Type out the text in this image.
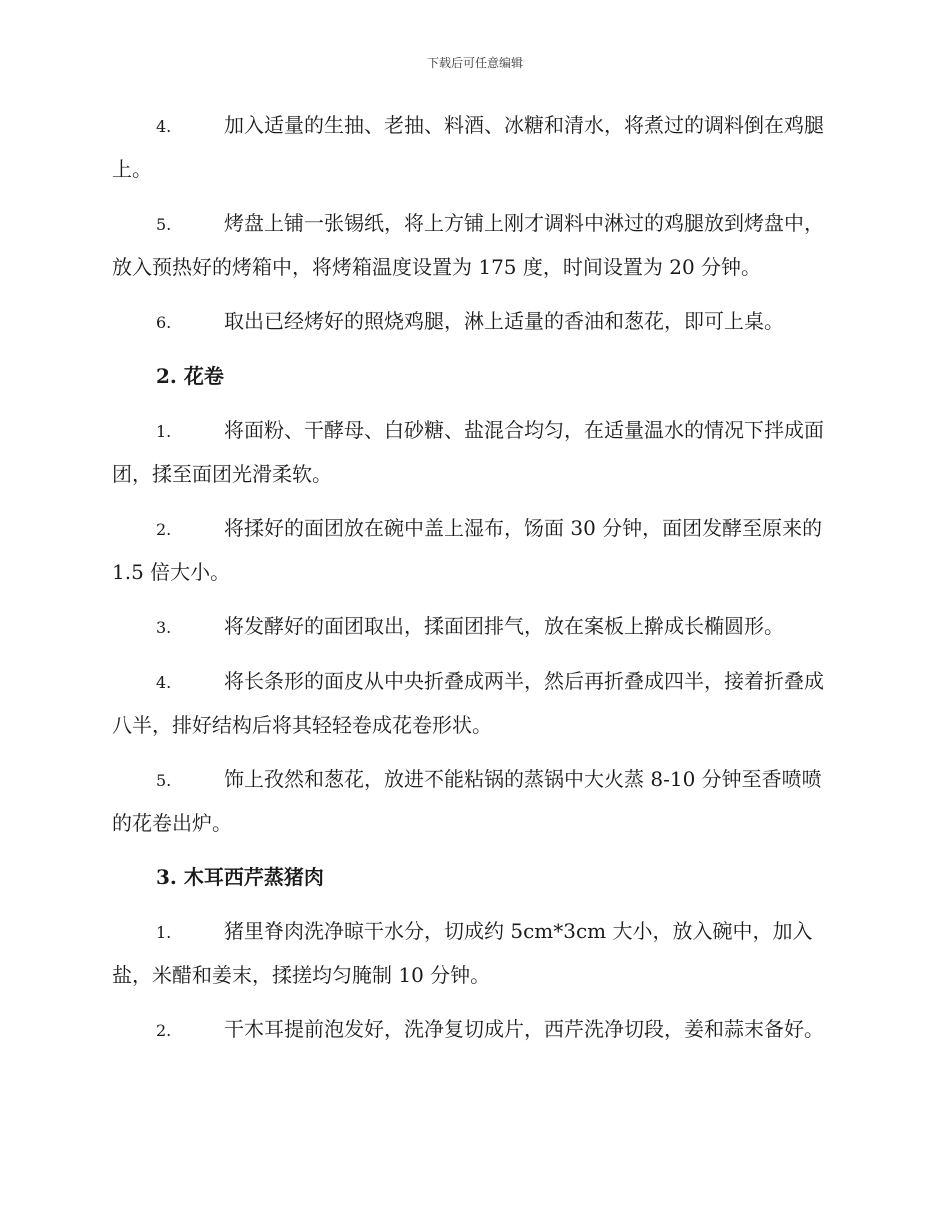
下载后可任意编辑

4.	加入适量的生抽、老抽、料酒、冰糖和清水，将煮过的调料倒在鸡腿上。

5.	烤盘上铺一张锡纸，将上方铺上刚才调料中淋过的鸡腿放到烤盘中，放入预热好的烤箱中，将烤箱温度设置为 175 度，时间设置为 20 分钟。

6.	取出已经烤好的照烧鸡腿，淋上适量的香油和葱花，即可上桌。

2. 花卷

1.	将面粉、干酵母、白砂糖、盐混合均匀，在适量温水的情况下拌成面团，揉至面团光滑柔软。

2.	将揉好的面团放在碗中盖上湿布，饧面 30 分钟，面团发酵至原来的 1.5 倍大小。

3.	将发酵好的面团取出，揉面团排气，放在案板上擀成长椭圆形。

4.	将长条形的面皮从中央折叠成两半，然后再折叠成四半，接着折叠成八半，排好结构后将其轻轻卷成花卷形状。

5.	饰上孜然和葱花，放进不能粘锅的蒸锅中大火蒸 8-10 分钟至香喷喷的花卷出炉。

3. 木耳西芹蒸猪肉

1.	猪里脊肉洗净晾干水分，切成约 5cm*3cm 大小，放入碗中，加入盐，米醋和姜末，揉搓均匀腌制 10 分钟。

2.	干木耳提前泡发好，洗净复切成片，西芹洗净切段，姜和蒜末备好。
